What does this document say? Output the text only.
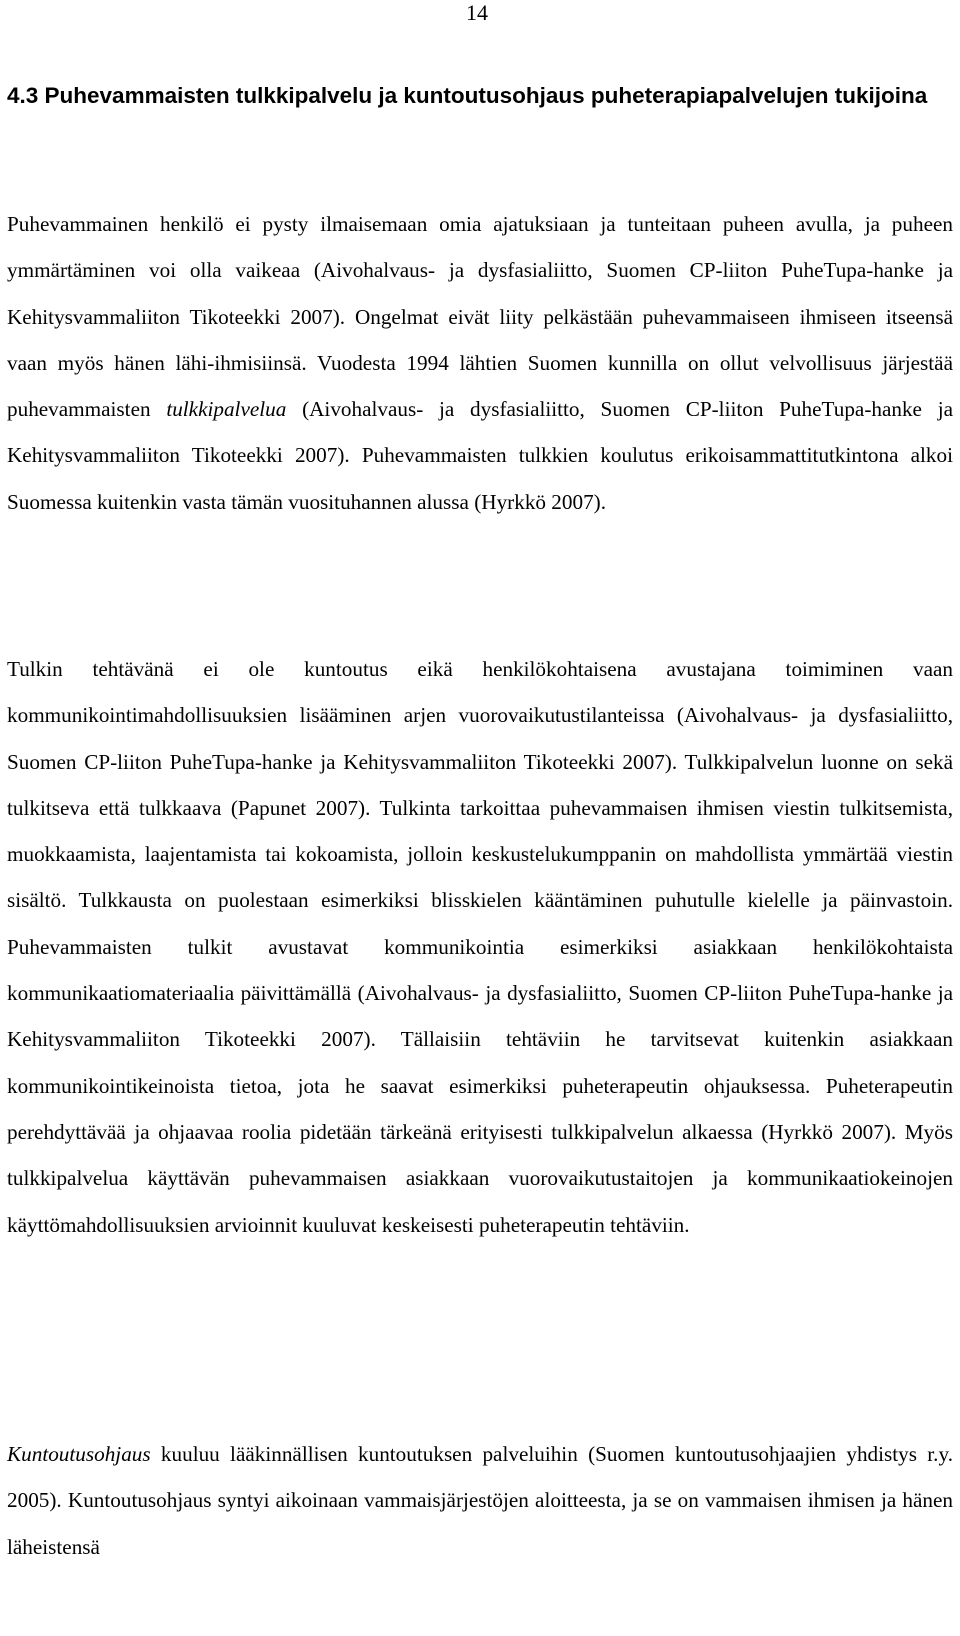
14
4.3 Puhevammaisten tulkkipalvelu ja kuntoutusohjaus puheterapiapalvelujen tukijoina

Puhevammainen henkilö ei pysty ilmaisemaan omia ajatuksiaan ja tunteitaan puheen avulla, ja puheen ymmärtäminen voi olla vaikeaa (Aivohalvaus- ja dysfasialiitto, Suomen CP-liiton PuheTupa-hanke ja Kehitysvammaliiton Tikoteekki 2007). Ongelmat eivät liity pelkästään puhevammaiseen ihmiseen itseensä vaan myös hänen lähi-ihmisiinsä. Vuodesta 1994 lähtien Suomen kunnilla on ollut velvollisuus järjestää puhevammaisten tulkkipalvelua (Aivohalvaus- ja dysfasialiitto, Suomen CP-liiton PuheTupa-hanke ja Kehitysvammaliiton Tikoteekki 2007). Puhevammaisten tulkkien koulutus erikoisammattitutkintona alkoi Suomessa kuitenkin vasta tämän vuosituhannen alussa (Hyrkkö 2007).

Tulkin tehtävänä ei ole kuntoutus eikä henkilökohtaisena avustajana toimiminen vaan kommunikointimahdollisuuksien lisääminen arjen vuorovaikutustilanteissa (Aivohalvaus- ja dysfasialiitto, Suomen CP-liiton PuheTupa-hanke ja Kehitysvammaliiton Tikoteekki 2007). Tulkkipalvelun luonne on sekä tulkitseva että tulkkaava (Papunet 2007). Tulkinta tarkoittaa puhevammaisen ihmisen viestin tulkitsemista, muokkaamista, laajentamista tai kokoamista, jolloin keskustelukumppanin on mahdollista ymmärtää viestin sisältö. Tulkkausta on puolestaan esimerkiksi blisskielen kääntäminen puhutulle kielelle ja päinvastoin. Puhevammaisten tulkit avustavat kommunikointia esimerkiksi asiakkaan henkilökohtaista kommunikaatiomateriaalia päivittämällä (Aivohalvaus- ja dysfasialiitto, Suomen CP-liiton PuheTupa-hanke ja Kehitysvammaliiton Tikoteekki 2007). Tällaisiin tehtäviin he tarvitsevat kuitenkin asiakkaan kommunikointikeinoista tietoa, jota he saavat esimerkiksi puheterapeutin ohjauksessa. Puheterapeutin perehdyttävää ja ohjaavaa roolia pidetään tärkeänä erityisesti tulkkipalvelun alkaessa (Hyrkkö 2007). Myös tulkkipalvelua käyttävän puhevammaisen asiakkaan vuorovaikutustaitojen ja kommunikaatiokeinojen käyttömahdollisuuksien arvioinnit kuuluvat keskeisesti puheterapeutin tehtäviin.

Kuntoutusohjaus kuuluu lääkinnällisen kuntoutuksen palveluihin (Suomen kuntoutusohjaajien yhdistys r.y. 2005). Kuntoutusohjaus syntyi aikoinaan vammaisjärjestöjen aloitteesta, ja se on vammaisen ihmisen ja hänen läheistensä
